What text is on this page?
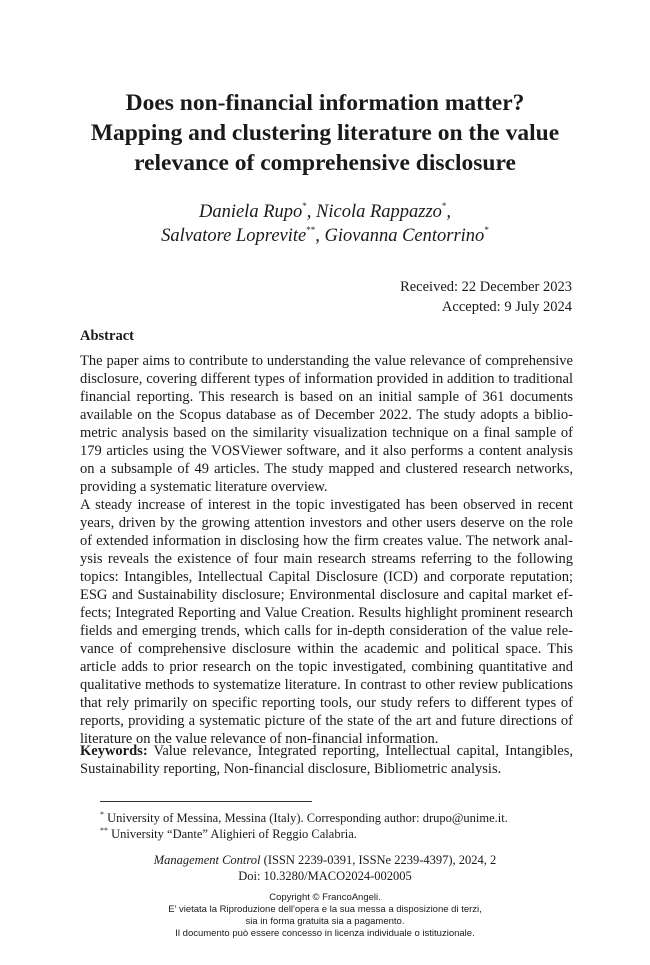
Does non-financial information matter?
Mapping and clustering literature on the value
relevance of comprehensive disclosure
Daniela Rupo*, Nicola Rappazzo*,
Salvatore Loprevite**, Giovanna Centorrino*
Received: 22 December 2023
Accepted: 9 July 2024
Abstract
The paper aims to contribute to understanding the value relevance of comprehensive
disclosure, covering different types of information provided in addition to traditional
financial reporting. This research is based on an initial sample of 361 documents
available on the Scopus database as of December 2022. The study adopts a biblio-
metric analysis based on the similarity visualization technique on a final sample of
179 articles using the VOSViewer software, and it also performs a content analysis
on a subsample of 49 articles. The study mapped and clustered research networks,
providing a systematic literature overview.
A steady increase of interest in the topic investigated has been observed in recent
years, driven by the growing attention investors and other users deserve on the role
of extended information in disclosing how the firm creates value. The network anal-
ysis reveals the existence of four main research streams referring to the following
topics: Intangibles, Intellectual Capital Disclosure (ICD) and corporate reputation;
ESG and Sustainability disclosure; Environmental disclosure and capital market ef-
fects; Integrated Reporting and Value Creation. Results highlight prominent research
fields and emerging trends, which calls for in-depth consideration of the value rele-
vance of comprehensive disclosure within the academic and political space. This
article adds to prior research on the topic investigated, combining quantitative and
qualitative methods to systematize literature. In contrast to other review publications
that rely primarily on specific reporting tools, our study refers to different types of
reports, providing a systematic picture of the state of the art and future directions of
literature on the value relevance of non-financial information.
Keywords: Value relevance, Integrated reporting, Intellectual capital, Intangibles,
Sustainability reporting, Non-financial disclosure, Bibliometric analysis.
* University of Messina, Messina (Italy). Corresponding author: drupo@unime.it.
** University “Dante” Alighieri of Reggio Calabria.
Management Control (ISSN 2239-0391, ISSNe 2239-4397), 2024, 2
Doi: 10.3280/MACO2024-002005
Copyright © FrancoAngeli.
E' vietata la Riproduzione dell'opera e la sua messa a disposizione di terzi,
sia in forma gratuita sia a pagamento.
Il documento può essere concesso in licenza individuale o istituzionale.
